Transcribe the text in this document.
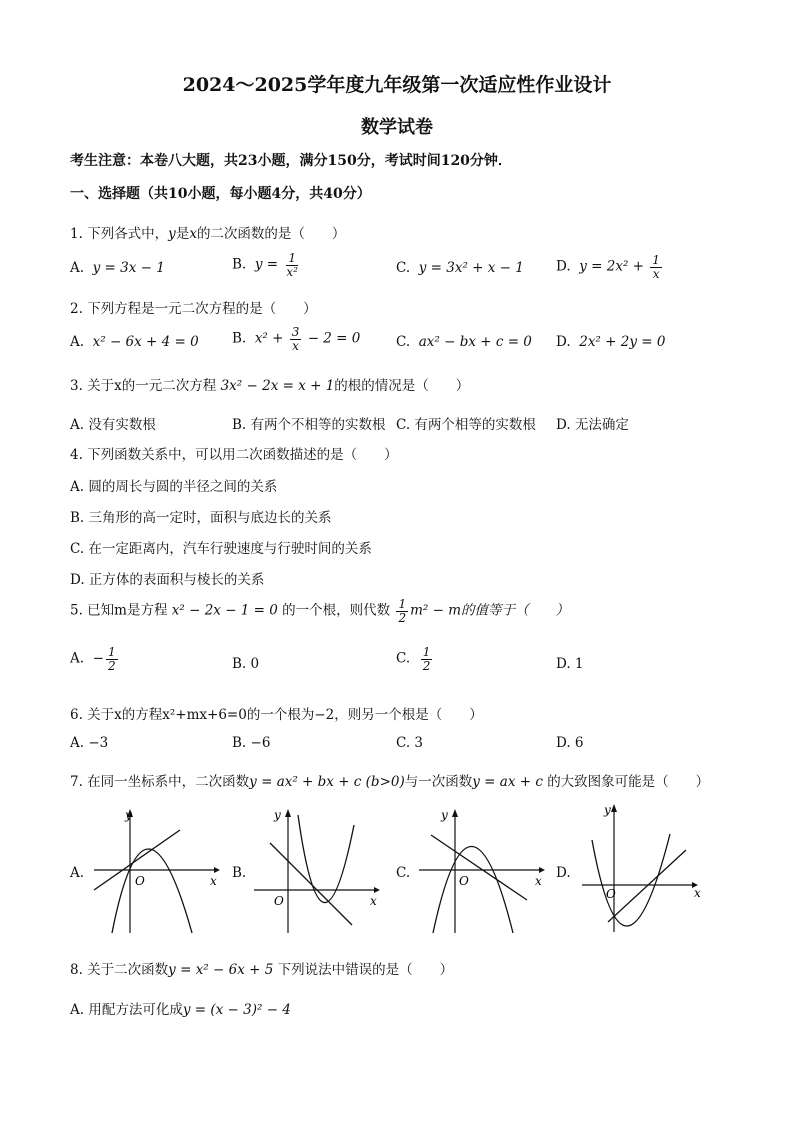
2024～2025学年度九年级第一次适应性作业设计
数学试卷
考生注意：本卷八大题，共23小题，满分150分，考试时间120分钟．
一、选择题（共10小题，每小题4分，共40分）
1. 下列各式中，y是x的二次函数的是（　　）
A. y = 3x − 1	B. $y = \frac{1}{\text{x²}}$	C. y = 3x² + x − 1 D. $y = 2x^2 + \frac{1}{x}$
2. 下列方程是一元二次方程的是（　　）
A. x² − 6x + 4 = 0 B. $x^2 + \frac{3}{x} - 2 = 0$	C. ax² − bx + c = 0 D. 2x² + 2y = 0
3. 关于x的一元二次方程 3x² − 2x = x + 1的根的情况是（　　）
A. 没有实数根	B. 有两个不相等的实数根 C. 有两个相等的实数根 D. 无法确定
4. 下列函数关系中，可以用二次函数描述的是（　　）
A. 圆的周长与圆的半径之间的关系
B. 三角形的高一定时，面积与底边长的关系
C. 在一定距离内，汽车行驶速度与行驶时间的关系
D. 正方体的表面积与棱长的关系
5. 已知m是方程 x² − 2x − 1 = 0 的一个根，则代数 $\frac{1}{2} m^2 - m$的值等于（　　）
A. − $\frac{1}{2}$	B. 0	C. $\frac{1}{2}$	D. 1
6. 关于x的方程x²+mx+6=0的一个根为−2，则另一个根是（　　）
A. −3	B. −6	C. 3	D. 6
7. 在同一坐标系中，二次函数y = ax² + bx + c (b>0)与一次函数y = ax + c 的大致图象可能是（　　）
A.
y
x
O	B.
y
x
O
C.
y
x
O	D.
y
x
O
8. 关于二次函数y = x² − 6x + 5 下列说法中错误的是（　　）
A. 用配方法可化成y = (x − 3)² − 4
